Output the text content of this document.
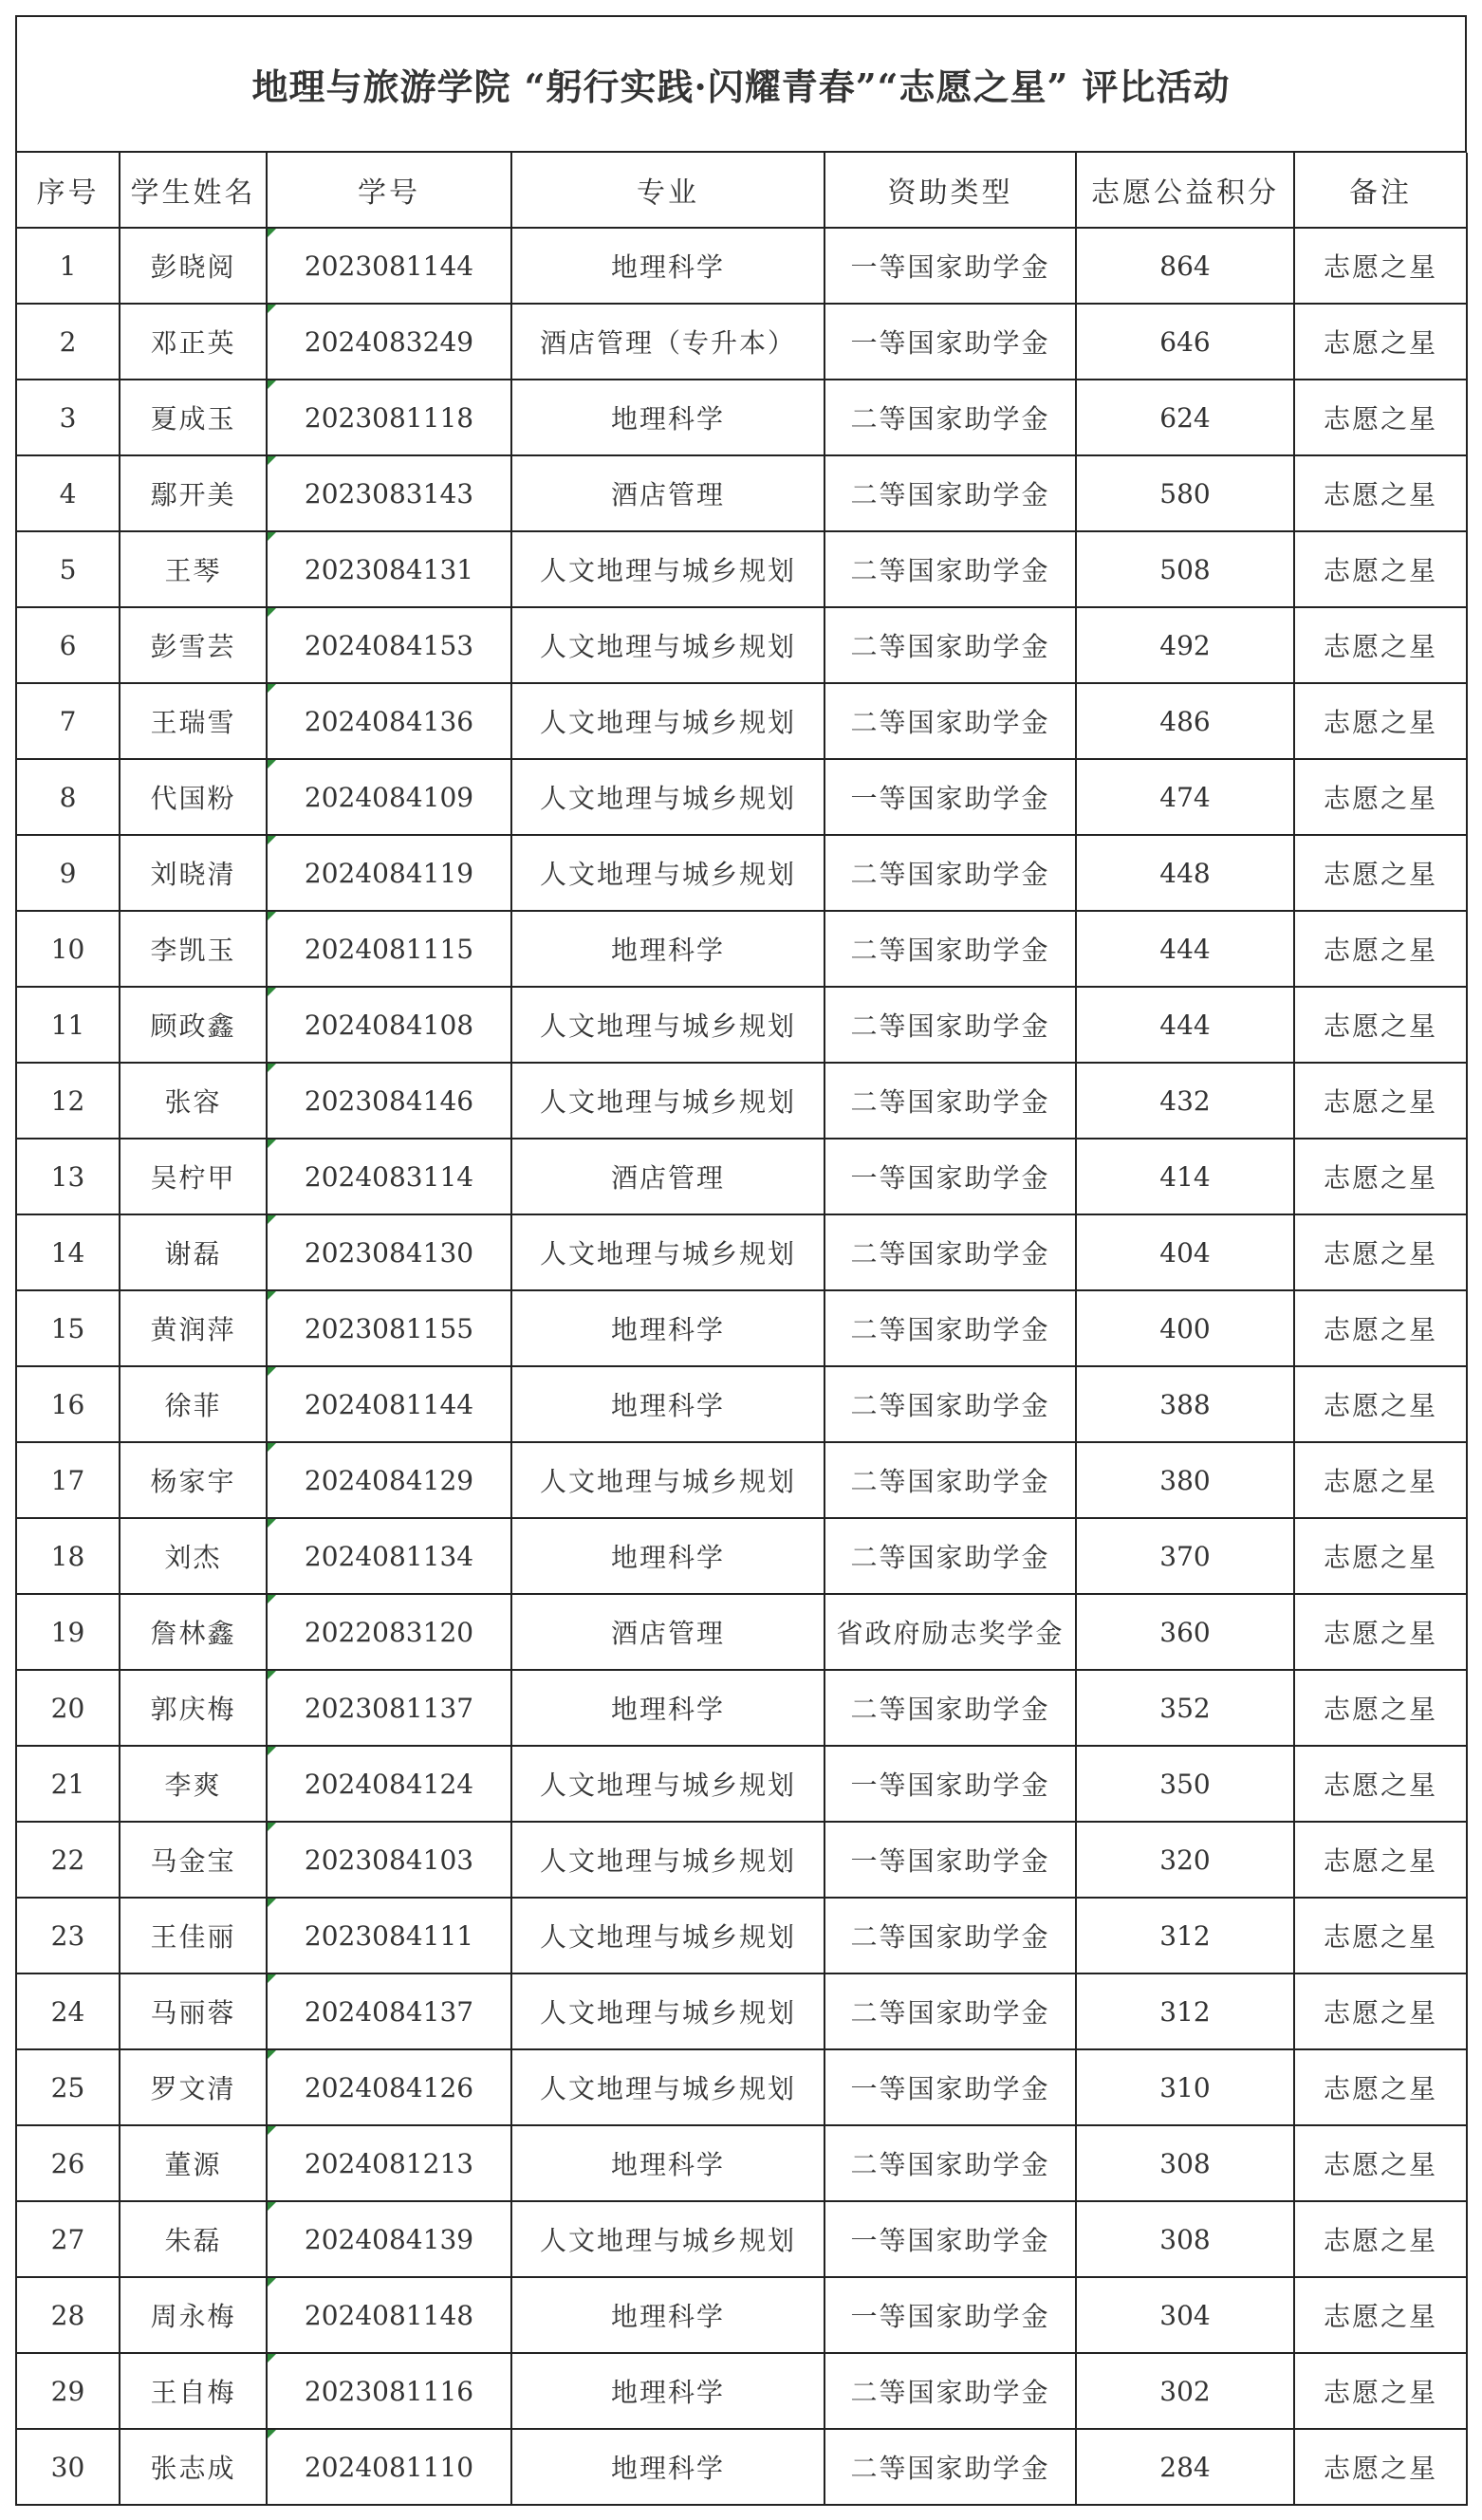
地理与旅游学院 “躬行实践·闪耀青春”“志愿之星” 评比活动
序号	学生姓名	学号	专业	资助类型	志愿公益积分	备注
1	彭晓阅	2023081144	地理科学	一等国家助学金	864	志愿之星
2	邓正英	2024083249	酒店管理（专升本）	一等国家助学金	646	志愿之星
3	夏成玉	2023081118	地理科学	二等国家助学金	624	志愿之星
4	鄢开美	2023083143	酒店管理	二等国家助学金	580	志愿之星
5	王琴	2023084131	人文地理与城乡规划	二等国家助学金	508	志愿之星
6	彭雪芸	2024084153	人文地理与城乡规划	二等国家助学金	492	志愿之星
7	王瑞雪	2024084136	人文地理与城乡规划	二等国家助学金	486	志愿之星
8	代国粉	2024084109	人文地理与城乡规划	一等国家助学金	474	志愿之星
9	刘晓清	2024084119	人文地理与城乡规划	二等国家助学金	448	志愿之星
10	李凯玉	2024081115	地理科学	二等国家助学金	444	志愿之星
11	顾政鑫	2024084108	人文地理与城乡规划	二等国家助学金	444	志愿之星
12	张容	2023084146	人文地理与城乡规划	二等国家助学金	432	志愿之星
13	吴柠甲	2024083114	酒店管理	一等国家助学金	414	志愿之星
14	谢磊	2023084130	人文地理与城乡规划	二等国家助学金	404	志愿之星
15	黄润萍	2023081155	地理科学	二等国家助学金	400	志愿之星
16	徐菲	2024081144	地理科学	二等国家助学金	388	志愿之星
17	杨家宇	2024084129	人文地理与城乡规划	二等国家助学金	380	志愿之星
18	刘杰	2024081134	地理科学	二等国家助学金	370	志愿之星
19	詹林鑫	2022083120	酒店管理	省政府励志奖学金	360	志愿之星
20	郭庆梅	2023081137	地理科学	二等国家助学金	352	志愿之星
21	李爽	2024084124	人文地理与城乡规划	一等国家助学金	350	志愿之星
22	马金宝	2023084103	人文地理与城乡规划	一等国家助学金	320	志愿之星
23	王佳丽	2023084111	人文地理与城乡规划	二等国家助学金	312	志愿之星
24	马丽蓉	2024084137	人文地理与城乡规划	二等国家助学金	312	志愿之星
25	罗文清	2024084126	人文地理与城乡规划	一等国家助学金	310	志愿之星
26	董源	2024081213	地理科学	二等国家助学金	308	志愿之星
27	朱磊	2024084139	人文地理与城乡规划	一等国家助学金	308	志愿之星
28	周永梅	2024081148	地理科学	一等国家助学金	304	志愿之星
29	王自梅	2023081116	地理科学	二等国家助学金	302	志愿之星
30	张志成	2024081110	地理科学	二等国家助学金	284	志愿之星
